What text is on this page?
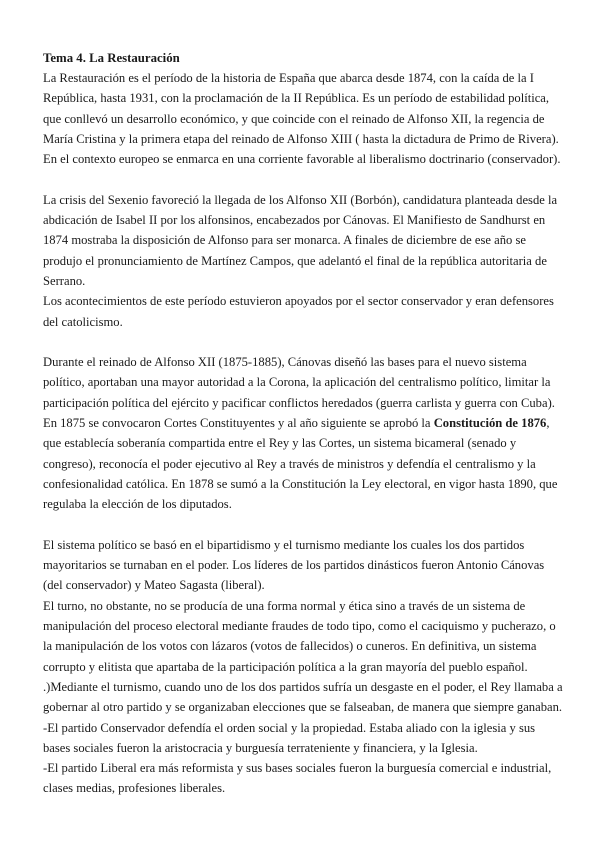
Tema 4. La Restauración

La Restauración es el período de la historia de España que abarca desde 1874, con la caída de la I República, hasta 1931, con la proclamación de la II República. Es un período de estabilidad política, que conllevó un desarrollo económico, y que coincide con el reinado de Alfonso XII, la regencia de María Cristina y la primera etapa del reinado de Alfonso XIII ( hasta la dictadura de Primo de Rivera). En el contexto europeo se enmarca en una corriente favorable al liberalismo doctrinario (conservador).

La crisis del Sexenio favoreció la llegada de los Alfonso XII (Borbón), candidatura planteada desde la abdicación de Isabel II por los alfonsinos, encabezados por Cánovas. El Manifiesto de Sandhurst en 1874 mostraba la disposición de Alfonso para ser monarca. A finales de diciembre de ese año se produjo el pronunciamiento de Martínez Campos, que adelantó el final de la república autoritaria de Serrano.

Los acontecimientos de este período estuvieron apoyados por el sector conservador y eran defensores del catolicismo.

Durante el reinado de Alfonso XII (1875-1885), Cánovas diseñó las bases para el nuevo sistema político, aportaban una mayor autoridad a la Corona, la aplicación del centralismo político, limitar la participación política del ejército y pacificar conflictos heredados (guerra carlista y guerra con Cuba).

En 1875 se convocaron Cortes Constituyentes y al año siguiente se aprobó la Constitución de 1876, que establecía soberanía compartida entre el Rey y las Cortes, un sistema bicameral (senado y congreso), reconocía el poder ejecutivo al Rey a través de ministros y defendía el centralismo y la confesionalidad católica. En 1878 se sumó a la Constitución la Ley electoral, en vigor hasta 1890, que regulaba la elección de los diputados.

El sistema político se basó en el bipartidismo y el turnismo mediante los cuales los dos partidos mayoritarios se turnaban en el poder. Los líderes de los partidos dinásticos fueron Antonio Cánovas (del conservador) y Mateo Sagasta (liberal).

El turno, no obstante, no se producía de una forma normal y ética sino a través de un sistema de manipulación del proceso electoral mediante fraudes de todo tipo, como el caciquismo y pucherazo, o la manipulación de los votos con lázaros (votos de fallecidos) o cuneros. En definitiva, un sistema corrupto y elitista que apartaba de la participación política a la gran mayoría del pueblo español.

.)Mediante el turnismo, cuando uno de los dos partidos sufría un desgaste en el poder, el Rey llamaba a gobernar al otro partido y se organizaban elecciones que se falseaban, de manera que siempre ganaban.

-El partido Conservador defendía el orden social y la propiedad. Estaba aliado con la iglesia y sus bases sociales fueron la aristocracia y burguesía terrateniente y financiera, y la Iglesia.

-El partido Liberal era más reformista y sus bases sociales fueron la burguesía comercial e industrial, clases medias, profesiones liberales.
